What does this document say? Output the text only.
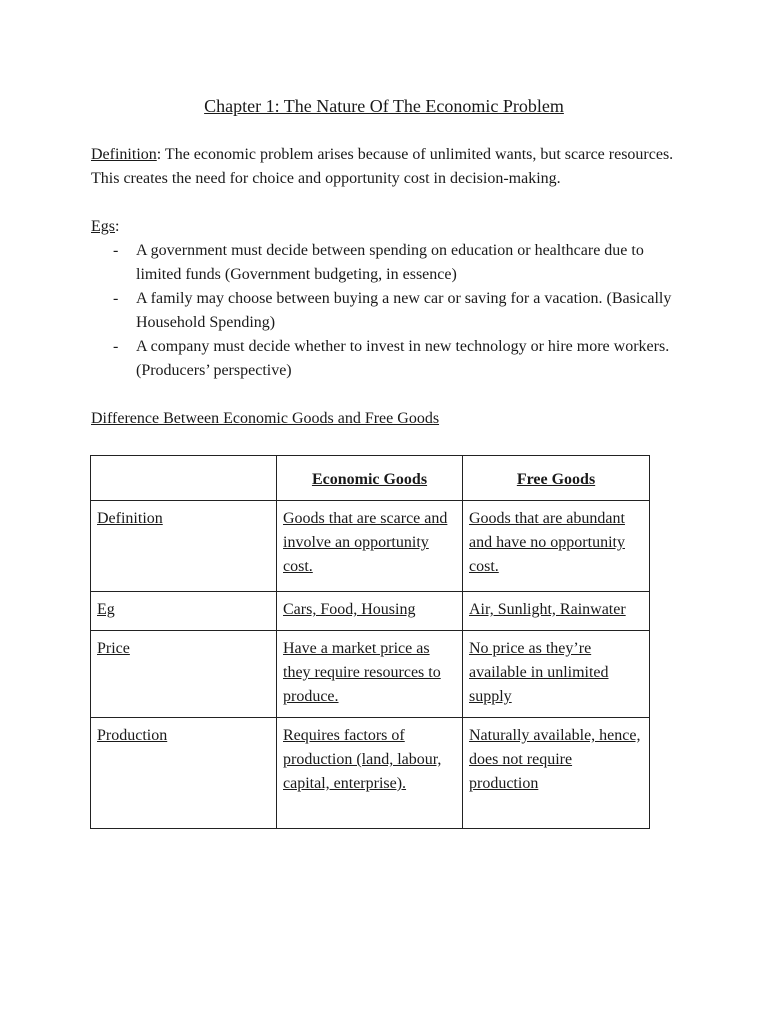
Chapter 1: The Nature Of The Economic Problem
Definition: The economic problem arises because of unlimited wants, but scarce resources. This creates the need for choice and opportunity cost in decision-making.
Egs:
- A government must decide between spending on education or healthcare due to limited funds (Government budgeting, in essence)
- A family may choose between buying a new car or saving for a vacation. (Basically Household Spending)
- A company must decide whether to invest in new technology or hire more workers. (Producers’ perspective)
Difference Between Economic Goods and Free Goods
	Economic Goods	Free Goods
Definition	Goods that are scarce and involve an opportunity cost.	Goods that are abundant and have no opportunity cost.
Eg	Cars, Food, Housing	Air, Sunlight, Rainwater
Price	Have a market price as they require resources to produce.	No price as they’re available in unlimited supply
Production	Requires factors of production (land, labour, capital, enterprise).	Naturally available, hence, does not require production
